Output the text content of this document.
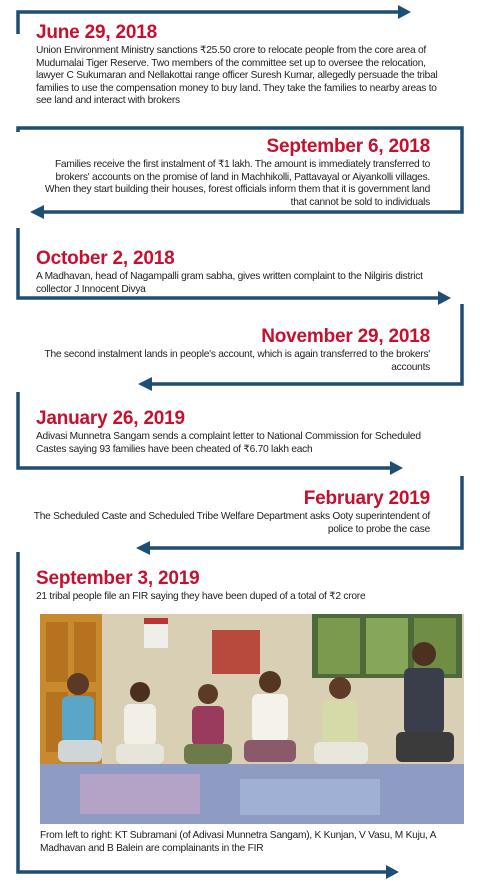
June 29, 2018
Union Environment Ministry sanctions ₹25.50 crore to relocate people from the core area of Mudumalai Tiger Reserve. Two members of the committee set up to oversee the relocation, lawyer C Sukumaran and Nellakottai range officer Suresh Kumar, allegedly persuade the tribal families to use the compensation money to buy land. They take the families to nearby areas to see land and interact with brokers
September 6, 2018
Families receive the first instalment of ₹1 lakh. The amount is immediately transferred to brokers' accounts on the promise of land in Machhikolli, Pattavayal or Aiyankolli villages. When they start building their houses, forest officials inform them that it is government land that cannot be sold to individuals
October 2, 2018
A Madhavan, head of Nagampalli gram sabha, gives written complaint to the Nilgiris district collector J Innocent Divya
November 29, 2018
The second instalment lands in people's account, which is again transferred to the brokers' accounts
January 26, 2019
Adivasi Munnetra Sangam sends a complaint letter to National Commission for Scheduled Castes saying 93 families have been cheated of ₹6.70 lakh each
February 2019
The Scheduled Caste and Scheduled Tribe Welfare Department asks Ooty superintendent of police to probe the case
September 3, 2019
21 tribal people file an FIR saying they have been duped of a total of ₹2 crore
From left to right: KT Subramani (of Adivasi Munnetra Sangam), K Kunjan, V Vasu, M Kuju, A Madhavan and B Balein are complainants in the FIR
